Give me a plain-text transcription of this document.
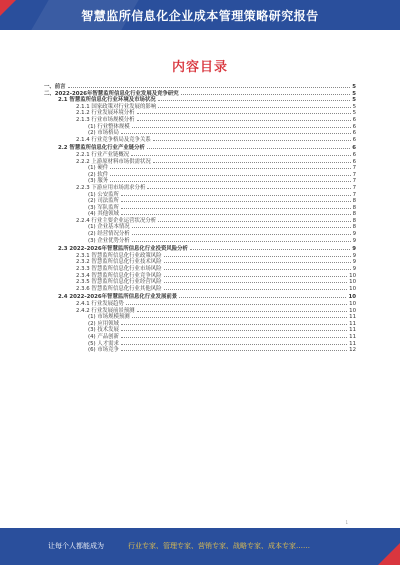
智慧监所信息化企业成本管理策略研究报告
内容目录
一、前言	5
二、2022-2026年智慧监所信息化行业发展及竞争研究	5
2.1 智慧监所信息化行业环境及市场状况	5
2.1.1 国家政策对行业发展的影响	5
2.1.2 行业发展环境分析	5
2.1.3 行业市场规模分析	6
(1) 行业整体规模	6
(2) 市场格局	6
2.1.4 行业竞争格局及竞争关系	6
2.2 智慧监所信息化行业产业链分析	6
2.2.1 行业产业链概况	6
2.2.2 上游原材料市场供需状况	6
(1) 硬件	7
(2) 软件	7
(3) 服务	7
2.2.3 下游应用市场需求分析	7
(1) 公安监所	7
(2) 司法监所	8
(3) 军队监所	8
(4) 其他领域	8
2.2.4 行业主要企业运营状况分析	8
(1) 企业基本情况	8
(2) 经营情况分析	9
(3) 企业优势分析	9
2.3 2022-2026年智慧监所信息化行业投资风险分析	9
2.3.1 智慧监所信息化行业政策风险	9
2.3.2 智慧监所信息化行业技术风险	9
2.3.3 智慧监所信息化行业市场风险	9
2.3.4 智慧监所信息化行业竞争风险	10
2.3.5 智慧监所信息化行业经营风险	10
2.3.6 智慧监所信息化行业其他风险	10
2.4 2022-2026年智慧监所信息化行业发展前景	10
2.4.1 行业发展趋势	10
2.4.2 行业发展前景预测	10
(1) 市场规模预测	11
(2) 应用领域	11
(3) 技术发展	11
(4) 产品创新	11
(5) 人才需求	11
(6) 市场竞争	12
1
让每个人都能成为	行业专家、管理专家、营销专家、战略专家、成本专家……
